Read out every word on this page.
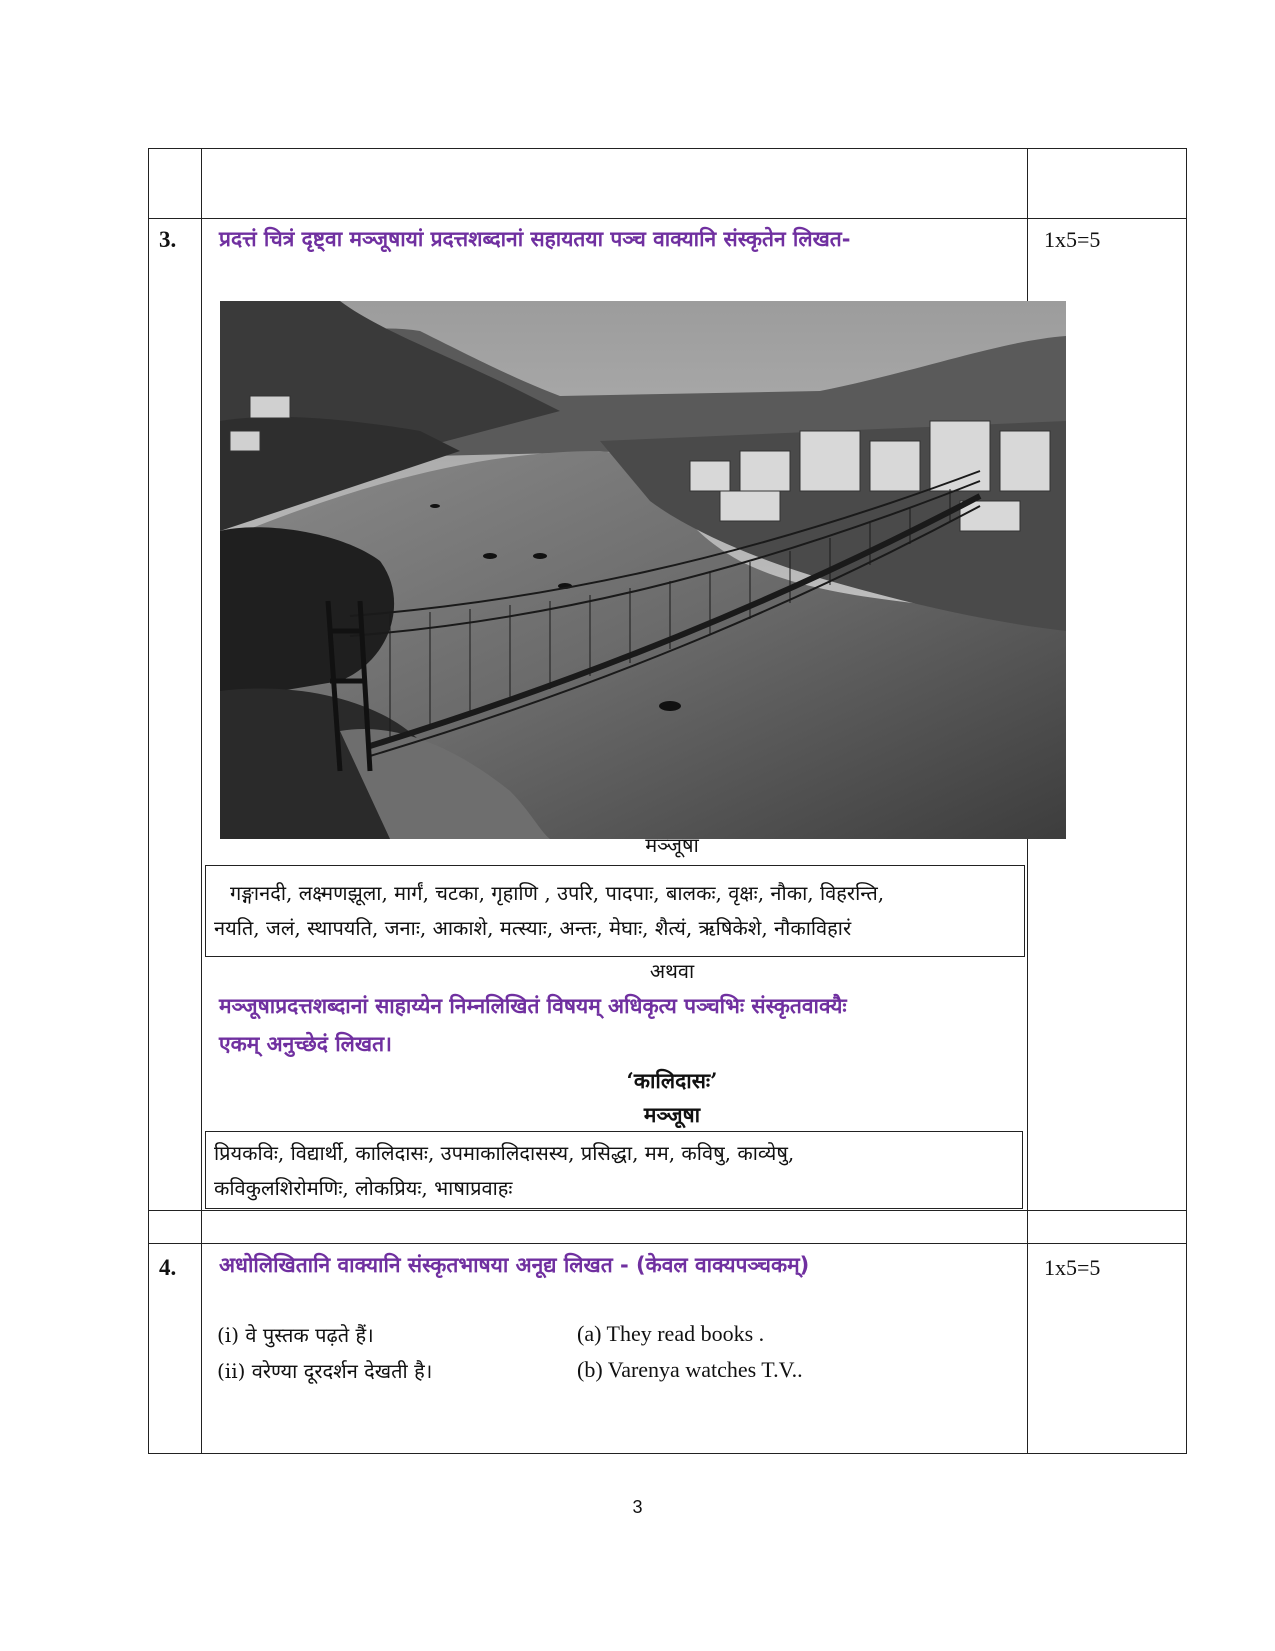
3. प्रदत्तं चित्रं दृष्ट्वा मञ्जूषायां प्रदत्तशब्दानां सहायतया पञ्च वाक्यानि संस्कृतेन लिखत-	1x5=5
मञ्जूषा
गङ्गानदी, लक्ष्मणझूला, मार्गं, चटका, गृहाणि , उपरि, पादपाः, बालकः, वृक्षः, नौका, विहरन्ति,
नयति, जलं, स्थापयति, जनाः, आकाशे, मत्स्याः, अन्तः, मेघाः, शैत्यं, ऋषिकेशे, नौकाविहारं
अथवा
मञ्जूषाप्रदत्तशब्दानां साहाय्येन निम्नलिखितं विषयम् अधिकृत्य पञ्चभिः संस्कृतवाक्यैः
एकम् अनुच्छेदं लिखत।
‘कालिदासः’
मञ्जूषा
प्रियकविः, विद्यार्थी, कालिदासः, उपमाकालिदासस्य, प्रसिद्धा, मम, कविषु, काव्येषु,
कविकुलशिरोमणिः, लोकप्रियः, भाषाप्रवाहः
4. अधोलिखितानि वाक्यानि संस्कृतभाषया अनूद्य लिखत - (केवल वाक्यपञ्चकम्)	1x5=5
(i) वे पुस्तक पढ़ते हैं।	(a) They read books .
(ii) वरेण्या दूरदर्शन देखती है।	(b) Varenya watches T.V..
3
